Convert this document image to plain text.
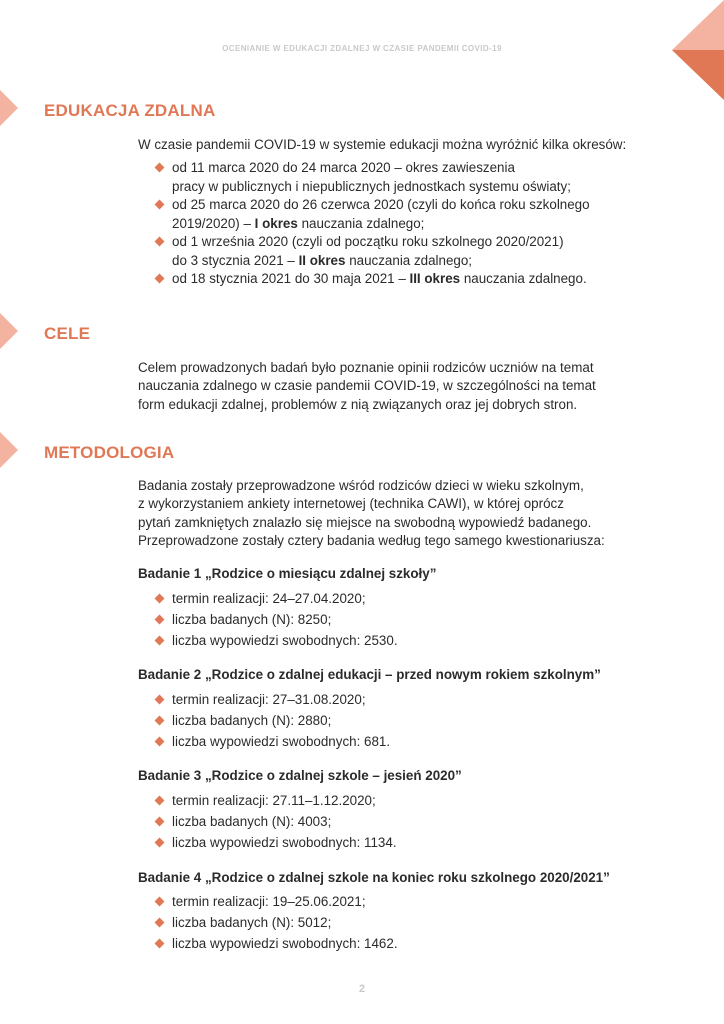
OCENIANIE W EDUKACJI ZDALNEJ W CZASIE PANDEMII COVID-19
EDUKACJA ZDALNA

W czasie pandemii COVID-19 w systemie edukacji można wyróżnić kilka okresów:

od 11 marca 2020 do 24 marca 2020 – okres zawieszenia
pracy w publicznych i niepublicznych jednostkach systemu oświaty;
od 25 marca 2020 do 26 czerwca 2020 (czyli do końca roku szkolnego
2019/2020) – I okres nauczania zdalnego;
od 1 września 2020 (czyli od początku roku szkolnego 2020/2021)
do 3 stycznia 2021 – II okres nauczania zdalnego;
od 18 stycznia 2021 do 30 maja 2021 – III okres nauczania zdalnego.
CELE

Celem prowadzonych badań było poznanie opinii rodziców uczniów na temat
nauczania zdalnego w czasie pandemii COVID-19, w szczególności na temat
form edukacji zdalnej, problemów z nią związanych oraz jej dobrych stron.

METODOLOGIA

Badania zostały przeprowadzone wśród rodziców dzieci w wieku szkolnym,
z wykorzystaniem ankiety internetowej (technika CAWI), w której oprócz
pytań zamkniętych znalazło się miejsce na swobodną wypowiedź badanego.
Przeprowadzone zostały cztery badania według tego samego kwestionariusza:

Badanie 1 „Rodzice o miesiącu zdalnej szkoły”
termin realizacji: 24–27.04.2020;
liczba badanych (N): 8250;
liczba wypowiedzi swobodnych: 2530.
Badanie 2 „Rodzice o zdalnej edukacji – przed nowym rokiem szkolnym”
termin realizacji: 27–31.08.2020;
liczba badanych (N): 2880;
liczba wypowiedzi swobodnych: 681.
Badanie 3 „Rodzice o zdalnej szkole – jesień 2020”
termin realizacji: 27.11–1.12.2020;
liczba badanych (N): 4003;
liczba wypowiedzi swobodnych: 1134.
Badanie 4 „Rodzice o zdalnej szkole na koniec roku szkolnego 2020/2021”
termin realizacji: 19–25.06.2021;
liczba badanych (N): 5012;
liczba wypowiedzi swobodnych: 1462.
2
